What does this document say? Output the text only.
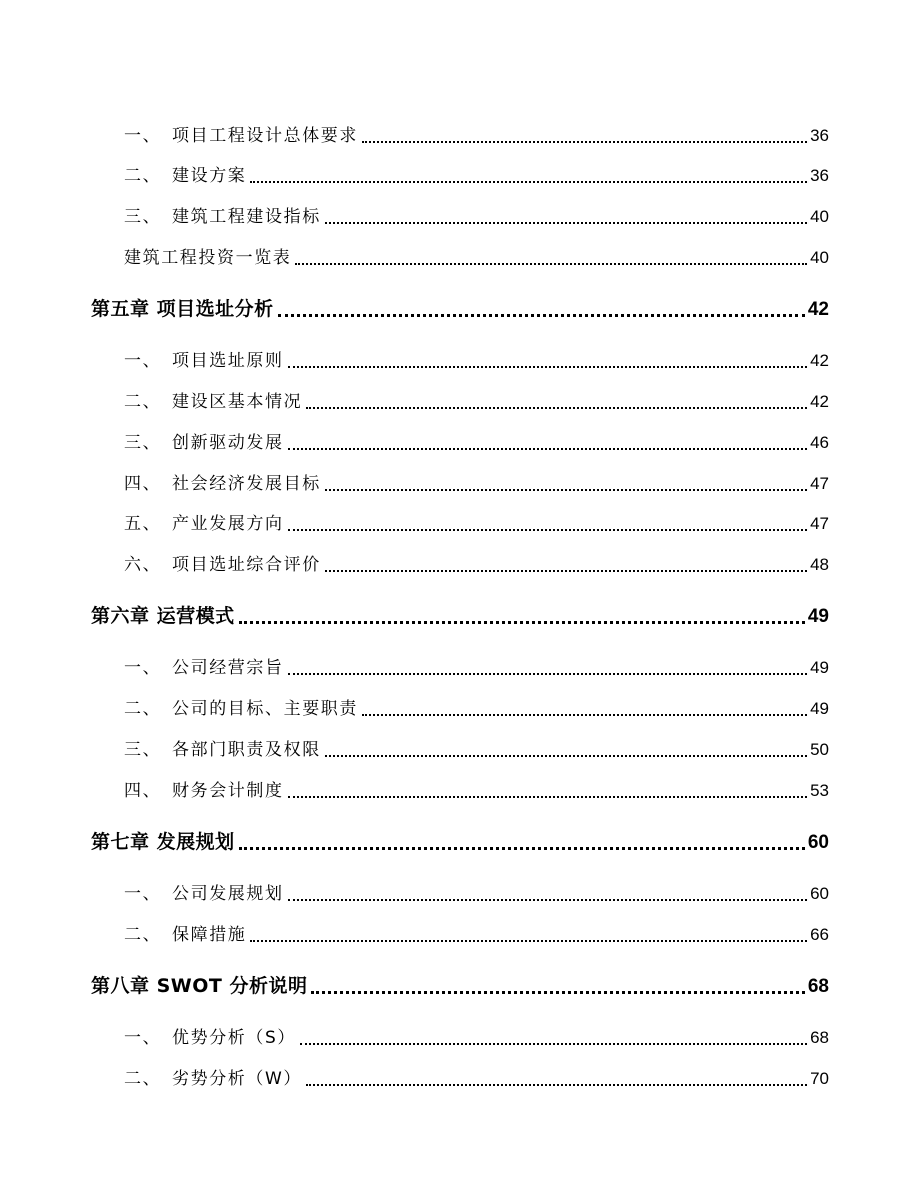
一、 项目工程设计总体要求	36
二、 建设方案	36
三、 建筑工程建设指标	40
建筑工程投资一览表	40
第五章 项目选址分析	42
一、 项目选址原则	42
二、 建设区基本情况	42
三、 创新驱动发展	46
四、 社会经济发展目标	47
五、 产业发展方向	47
六、 项目选址综合评价	48
第六章 运营模式	49
一、 公司经营宗旨	49
二、 公司的目标、主要职责	49
三、 各部门职责及权限	50
四、 财务会计制度	53
第七章 发展规划	60
一、 公司发展规划	60
二、 保障措施	66
第八章 SWOT 分析说明	68
一、 优势分析（S）	68
二、 劣势分析（W）	70
